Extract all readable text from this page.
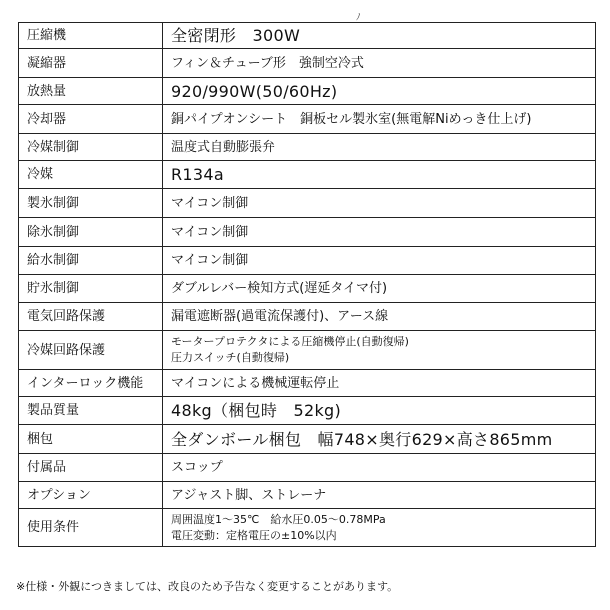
ﾉ
圧縮機	全密閉形　300W
凝縮器	フィン＆チューブ形　強制空冷式
放熱量	920/990W(50/60Hz)
冷却器	銅パイプオンシート　銅板セル製氷室(無電解Niめっき仕上げ)
冷媒制御	温度式自動膨張弁
冷媒	R134a
製氷制御	マイコン制御
除氷制御	マイコン制御
給水制御	マイコン制御
貯氷制御	ダブルレバー検知方式(遅延タイマ付)
電気回路保護	漏電遮断器(過電流保護付)、アース線
冷媒回路保護	モータープロテクタによる圧縮機停止(自動復帰)
圧力スイッチ(自動復帰)

インターロック機能	マイコンによる機械運転停止
製品質量	48kg（梱包時　52kg)
梱包	全ダンボール梱包　幅748×奥行629×高さ865mm
付属品	スコップ
オプション	アジャスト脚、ストレーナ
使用条件	周囲温度1〜35℃　給水圧0.05〜0.78MPa
電圧変動：定格電圧の±10%以内
※仕様・外観につきましては、改良のため予告なく変更することがあります。
